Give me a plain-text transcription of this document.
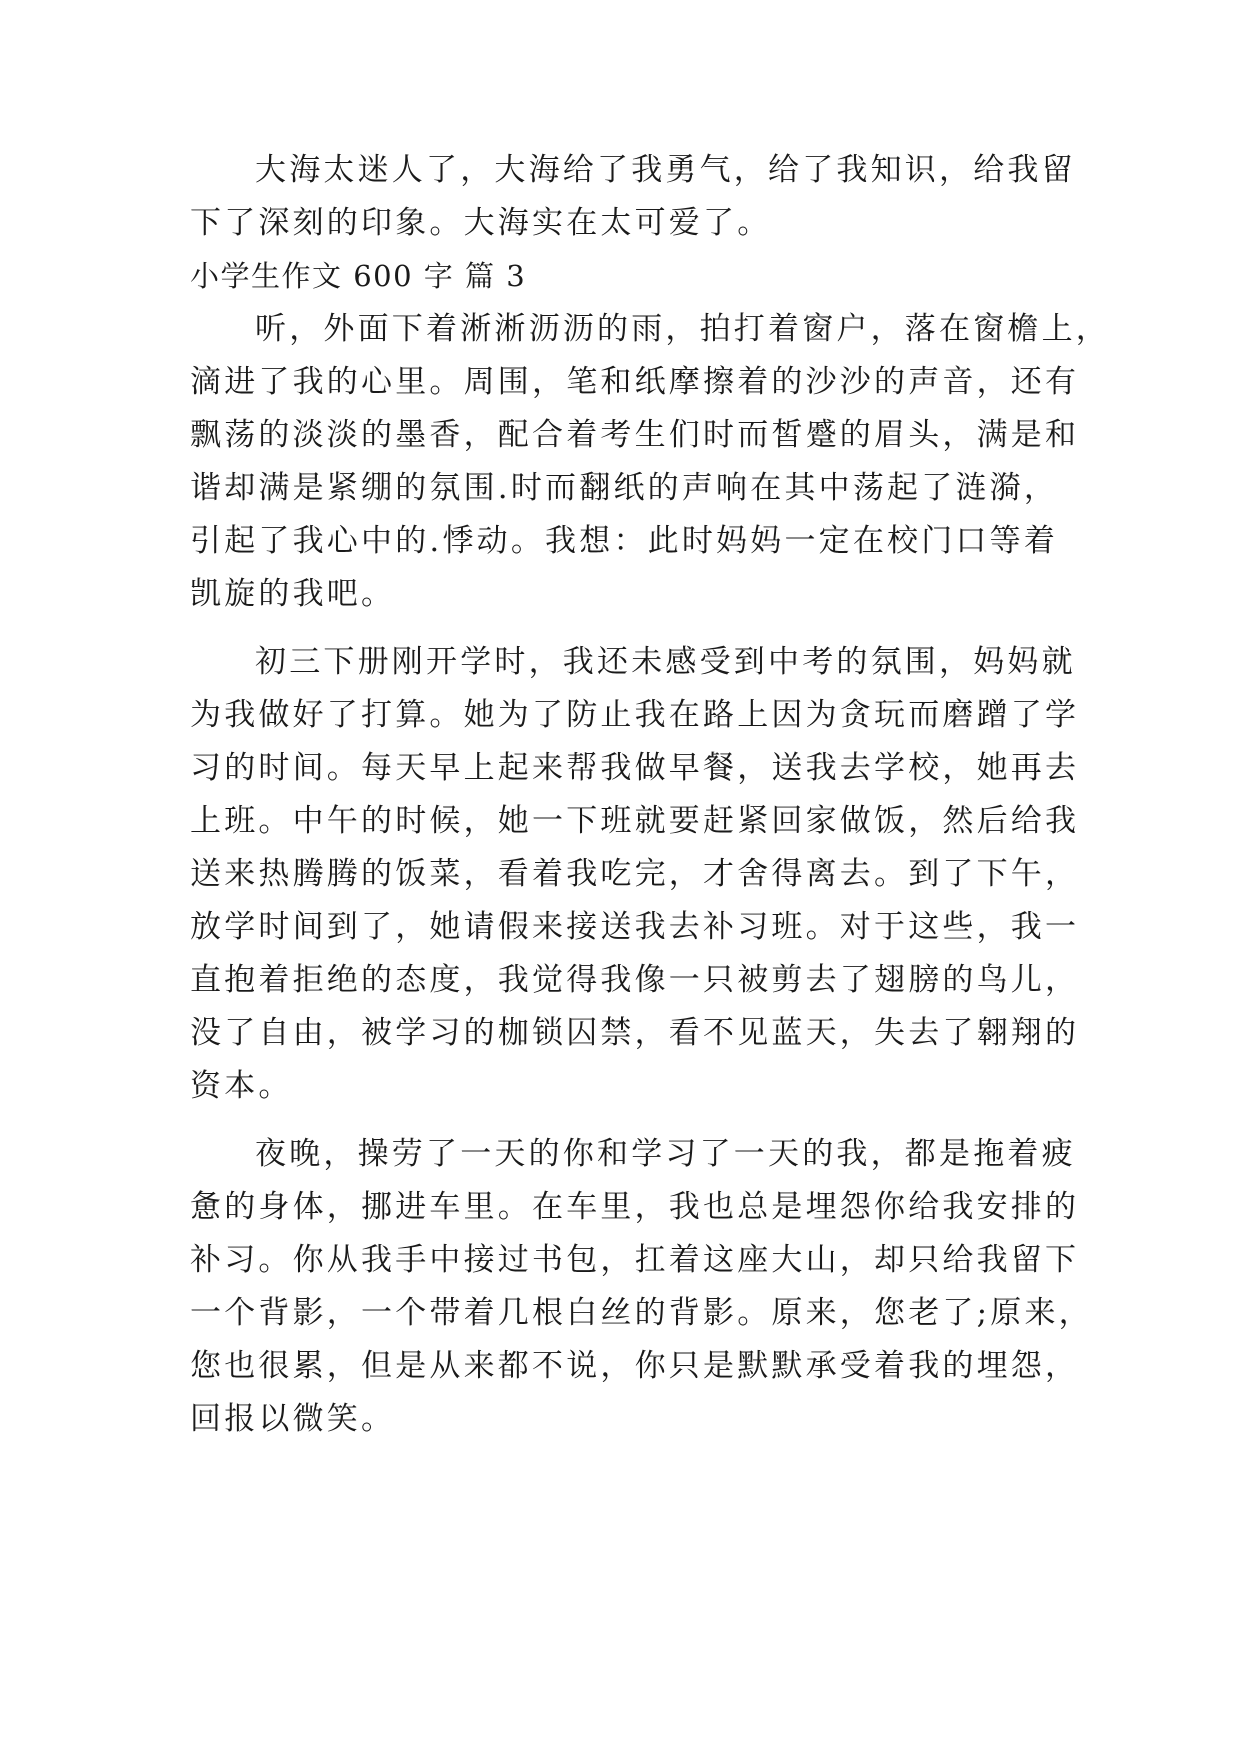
大海太迷人了，大海给了我勇气，给了我知识，给我留
下了深刻的印象。大海实在太可爱了。
小学生作文 600 字 篇 3
听，外面下着淅淅沥沥的雨，拍打着窗户，落在窗檐上，
滴进了我的心里。周围，笔和纸摩擦着的沙沙的声音，还有
飘荡的淡淡的墨香，配合着考生们时而皙蹙的眉头，满是和
谐却满是紧绷的氛围.时而翻纸的声响在其中荡起了涟漪，
引起了我心中的.悸动。我想：此时妈妈一定在校门口等着
凯旋的我吧。
初三下册刚开学时，我还未感受到中考的氛围，妈妈就
为我做好了打算。她为了防止我在路上因为贪玩而磨蹭了学
习的时间。每天早上起来帮我做早餐，送我去学校，她再去
上班。中午的时候，她一下班就要赶紧回家做饭，然后给我
送来热腾腾的饭菜，看着我吃完，才舍得离去。到了下午，
放学时间到了，她请假来接送我去补习班。对于这些，我一
直抱着拒绝的态度，我觉得我像一只被剪去了翅膀的鸟儿，
没了自由，被学习的枷锁囚禁，看不见蓝天，失去了翱翔的
资本。
夜晚，操劳了一天的你和学习了一天的我，都是拖着疲
惫的身体，挪进车里。在车里，我也总是埋怨你给我安排的
补习。你从我手中接过书包，扛着这座大山，却只给我留下
一个背影，一个带着几根白丝的背影。原来，您老了;原来，
您也很累，但是从来都不说，你只是默默承受着我的埋怨，
回报以微笑。
